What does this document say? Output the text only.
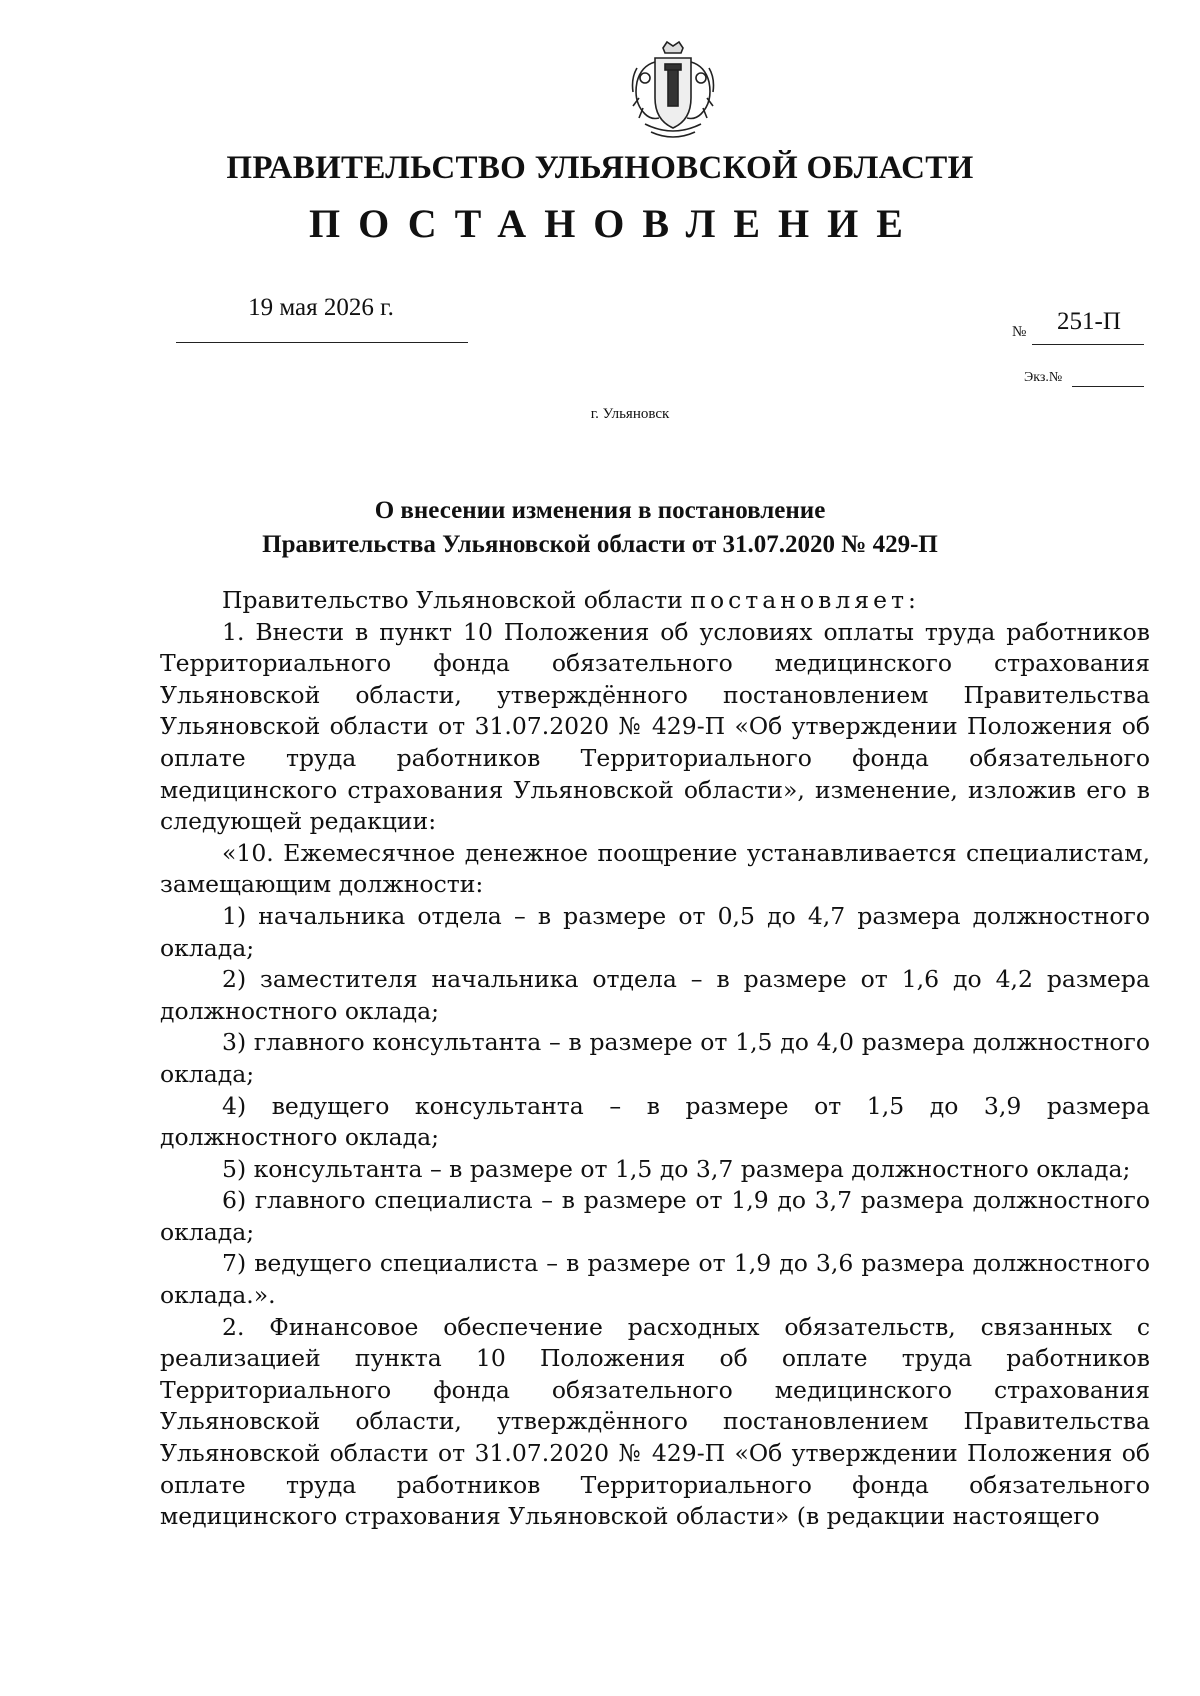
ПРАВИТЕЛЬСТВО УЛЬЯНОВСКОЙ ОБЛАСТИ
ПОСТАНОВЛЕНИЕ
19 мая 2026 г.
№	251-П
Экз.№
г. Ульяновск
О внесении изменения в постановление
Правительства Ульяновской области от 31.07.2020 № 429-П

Правительство Ульяновской области постановляет:

1. Внести в пункт 10 Положения об условиях оплаты труда работников Территориального фонда обязательного медицинского страхования Ульяновской области, утверждённого постановлением Правительства Ульяновской области от 31.07.2020 № 429-П «Об утверждении Положения об оплате труда работников Территориального фонда обязательного медицинского страхования Ульяновской области», изменение, изложив его в следующей редакции:

«10. Ежемесячное денежное поощрение устанавливается специалистам, замещающим должности:

1) начальника отдела – в размере от 0,5 до 4,7 размера должностного оклада;

2) заместителя начальника отдела – в размере от 1,6 до 4,2 размера должностного оклада;

3) главного консультанта – в размере от 1,5 до 4,0 размера должностного оклада;

4) ведущего консультанта – в размере от 1,5 до 3,9 размера должностного оклада;

5) консультанта – в размере от 1,5 до 3,7 размера должностного оклада;

6) главного специалиста – в размере от 1,9 до 3,7 размера должностного оклада;

7) ведущего специалиста – в размере от 1,9 до 3,6 размера должностного оклада.».

2. Финансовое обеспечение расходных обязательств, связанных с реализацией пункта 10 Положения об оплате труда работников Территориального фонда обязательного медицинского страхования Ульяновской области, утверждённого постановлением Правительства Ульяновской области от 31.07.2020 № 429-П «Об утверждении Положения об оплате труда работников Территориального фонда обязательного медицинского страхования Ульяновской области» (в редакции настоящего
